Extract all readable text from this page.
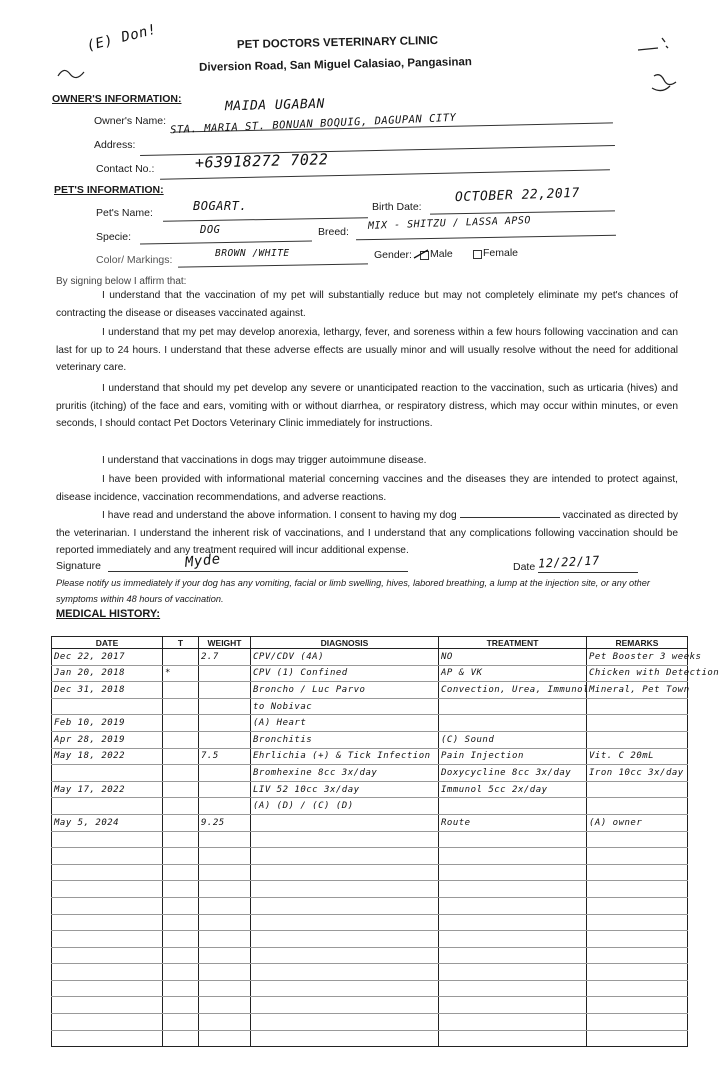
(E) Don!	PET DOCTORS VETERINARY CLINIC
Diversion Road, San Miguel Calasiao, Pangasinan
OWNER'S INFORMATION:
Owner's Name:
MAIDA UGABAN
Address:
STA. MARIA ST. BONUAN BOQUIG, DAGUPAN CITY
Contact No.:	+63918272 7022
PET'S INFORMATION:
Pet's Name:	BOGART.	Birth Date:
OCTOBER 22,2017
Specie:
DOG	Breed:
MIX - SHITZU / LASSA APSO
Color/ Markings:
BROWN /WHITE	Gender: Male	Female
By signing below I affirm that:
I understand that the vaccination of my pet will substantially reduce but may not completely eliminate my pet's chances of contracting the disease or diseases vaccinated against.
I understand that my pet may develop anorexia, lethargy, fever, and soreness within a few hours following vaccination and can last for up to 24 hours. I understand that these adverse effects are usually minor and will usually resolve without the need for additional veterinary care.
I understand that should my pet develop any severe or unanticipated reaction to the vaccination, such as urticaria (hives) and pruritis (itching) of the face and ears, vomiting with or without diarrhea, or respiratory distress, which may occur within minutes, or even seconds, I should contact Pet Doctors Veterinary Clinic immediately for instructions.
I understand that vaccinations in dogs may trigger autoimmune disease.
I have been provided with informational material concerning vaccines and the diseases they are intended to protect against, disease incidence, vaccination recommendations, and adverse reactions.
I have read and understand the above information. I consent to having my dog	vaccinated as directed by the veterinarian. I understand the inherent risk of vaccinations, and I understand that any complications following vaccination should be reported immediately and any treatment required will incur additional expense.
Signature	Myde	Date 12/22/17
Please notify us immediately if your dog has any vomiting, facial or limb swelling, hives, labored breathing, a lump at the injection site, or any other symptoms within 48 hours of vaccination.
MEDICAL HISTORY:
DATE	T	WEIGHT	DIAGNOSIS	TREATMENT	REMARKS
Dec 22, 2017		2.7	CPV/CDV (4A)	NO	Pet Booster 3 weeks
Jan 20, 2018	*		CPV (1) Confined	AP & VK	Chicken with Detection
Dec 31, 2018			Broncho / Luc Parvo	Convection, Urea, Immunol	Mineral, Pet Town
			to Nobivac		
Feb 10, 2019			(A) Heart		
Apr 28, 2019			Bronchitis	(C) Sound	
May 18, 2022		7.5	Ehrlichia (+) & Tick Infection	Pain Injection	Vit. C 20mL
			Bromhexine 8cc 3x/day	Doxycycline 8cc 3x/day	Iron 10cc 3x/day
May 17, 2022			LIV 52 10cc 3x/day	Immunol 5cc 2x/day	
			(A) (D) / (C) (D)		
May 5, 2024		9.25		Route	(A) owner
